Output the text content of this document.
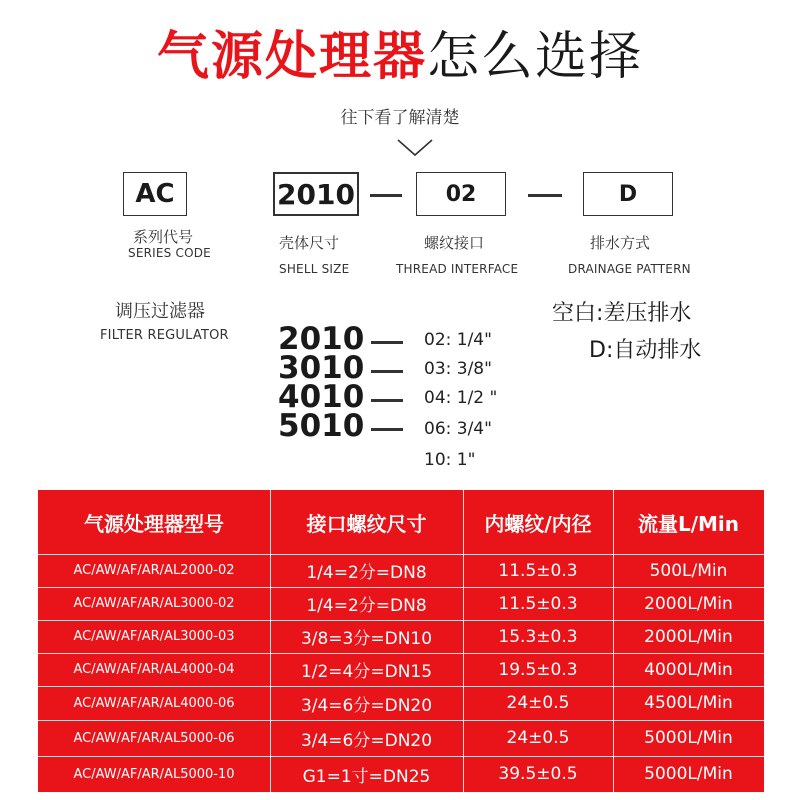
气源处理器怎么选择
往下看了解清楚
AC	2010	02	D
系列代号
SERIES CODE
壳体尺寸
SHELL SIZE
螺纹接口
THREAD INTERFACE
排水方式
DRAINAGE PATTERN
调压过滤器
FILTER REGULATOR 2010
3010
4010
5010
02: 1/4"
03: 3/8"
04: 1/2 "
06: 3/4"
10: 1"
空白:差压排水
D:自动排水
气源处理器型号	接口螺纹尺寸	内螺纹/内径	流量L/Min
AC/AW/AF/AR/AL2000-02	1/4=2分=DN8	11.5±0.3	500L/Min
AC/AW/AF/AR/AL3000-02	1/4=2分=DN8	11.5±0.3	2000L/Min
AC/AW/AF/AR/AL3000-03	3/8=3分=DN10	15.3±0.3	2000L/Min
AC/AW/AF/AR/AL4000-04	1/2=4分=DN15	19.5±0.3	4000L/Min
AC/AW/AF/AR/AL4000-06	3/4=6分=DN20	24±0.5	4500L/Min
AC/AW/AF/AR/AL5000-06	3/4=6分=DN20	24±0.5	5000L/Min
AC/AW/AF/AR/AL5000-10	G1=1寸=DN25	39.5±0.5	5000L/Min
